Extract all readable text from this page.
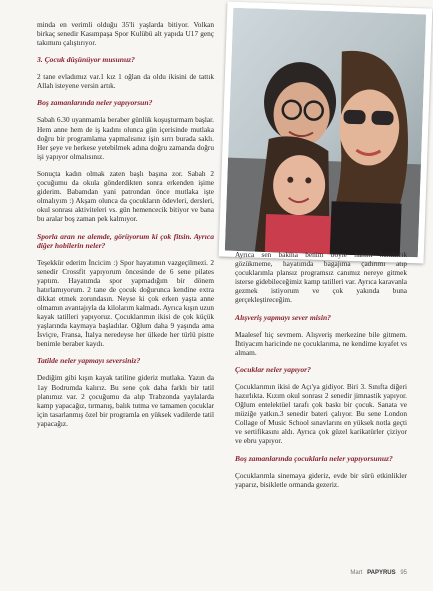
minda en verimli olduğu 35'li yaşlarda bitiyor. Volkan birkaç senedir Kasımpaşa Spor Kulübü alt yapıda U17 genç takımını çalıştırıyor.

3. Çocuk düşünüyor musunuz?

2 tane evladımız var.1 kız 1 oğlan da oldu ikisini de tattık Allah isteyene versin artık.

Boş zamanlarında neler yapıyorsun?

Sabah 6.30 uyanmamla beraber günlük koşuşturmam başlar. Hem anne hem de iş kadını olunca gün içerisinde mutlaka doğru bir programlama yapmalısınız işin sırrı burada saklı. Her şeye ve herkese yetebilmek adına doğru zamanda doğru işi yapıyor olmalısınız.

Sonuçta kadın olmak zaten başlı başına zor. Sabah 2 çocuğumu da okula gönderdikten sonra erkenden işime giderim. Babamdan yani patrondan önce mutlaka işte olmalıyım :) Akşam olunca da çocukların ödevleri, dersleri, okul sonrası aktiviteleri vs. gün hemencecik bitiyor ve bana bu aralar boş zaman pek kalmıyor.

Sporla aran ne alemde, görüyorum ki çok fitsin. Ayrıca diğer hobilerin neler?

Teşekkür ederim İncicim :) Spor hayatımın vazgeçilmezi. 2 senedir Crossfit yapıyorum öncesinde de 6 sene pilates yaptım. Hayatımda spor yapmadığım bir dönem hatırlamıyorum. 2 tane de çocuk doğurunca kendine extra dikkat etmek zorundasın. Neyse ki çok erken yaşta anne olmamın avantajıyla da kilolarım kalmadı. Ayrıca kışın uzun kayak tatilleri yapıyoruz. Çocuklarımın ikisi de çok küçük yaşlarında kaymaya başladılar. Oğlum daha 9 yaşında ama İsviçre, Fransa, İtalya neredeyse her ülkede her türlü pistte benimle beraber kaydı.

Tatilde neler yapmayı seversiniz?

Dediğim gibi kışın kayak tatiline gideriz mutlaka. Yazın da 1ay Bodrumda kalırız. Bu sene çok daha farklı bir tatil planımız var. 2 çocuğumu da alıp Trabzonda yaylalarda kamp yapacağız, tırmanış, balık tutma ve tamamen çocuklar için tasarlanmış özel bir programla en yüksek vadilerde tatil yapacağız.

Ayrıca sen bakma benim böyle hanım hanımcık gözükmeme, hayatımda bagajıma çadırımı atıp çocuklarımla plansız programsız canımız nereye gitmek isterse gidebileceğimiz kamp tatilleri var. Ayrıca karavanla gezmek istiyorum ve çok yakında buna gerçekleştireceğim.

Alışveriş yapmayı sever misin?

Maalesef hiç sevmem. Alışveriş merkezine bile gitmem. İhtiyacım haricinde ne çocuklarıma, ne kendime kıyafet vs almam.

Çocuklar neler yapıyor?

Çocuklarımın ikisi de Açı'ya gidiyor. Biri 3. Sınıfta diğeri hazırlıkta. Kızım okul sonrası 2 senedir jimnastik yapıyor. Oğlum entelektüel tarafı çok baskı bir çocuk. Sanata ve müziğe yatkın.3 senedir bateri çalıyor. Bu sene London Collage of Music School sınavlarını en yüksek notla geçti ve sertifikasını aldı. Ayrıca çok güzel karikatürler çiziyor ve ebru yapıyor.

Boş zamanlarında çocuklarla neler yapıyorsunuz?

Çocuklarımla sinemaya gideriz, evde bir sürü etkinlikler yaparız, bisikletle ormanda gezeriz.

Mart PAPYRUS 95
